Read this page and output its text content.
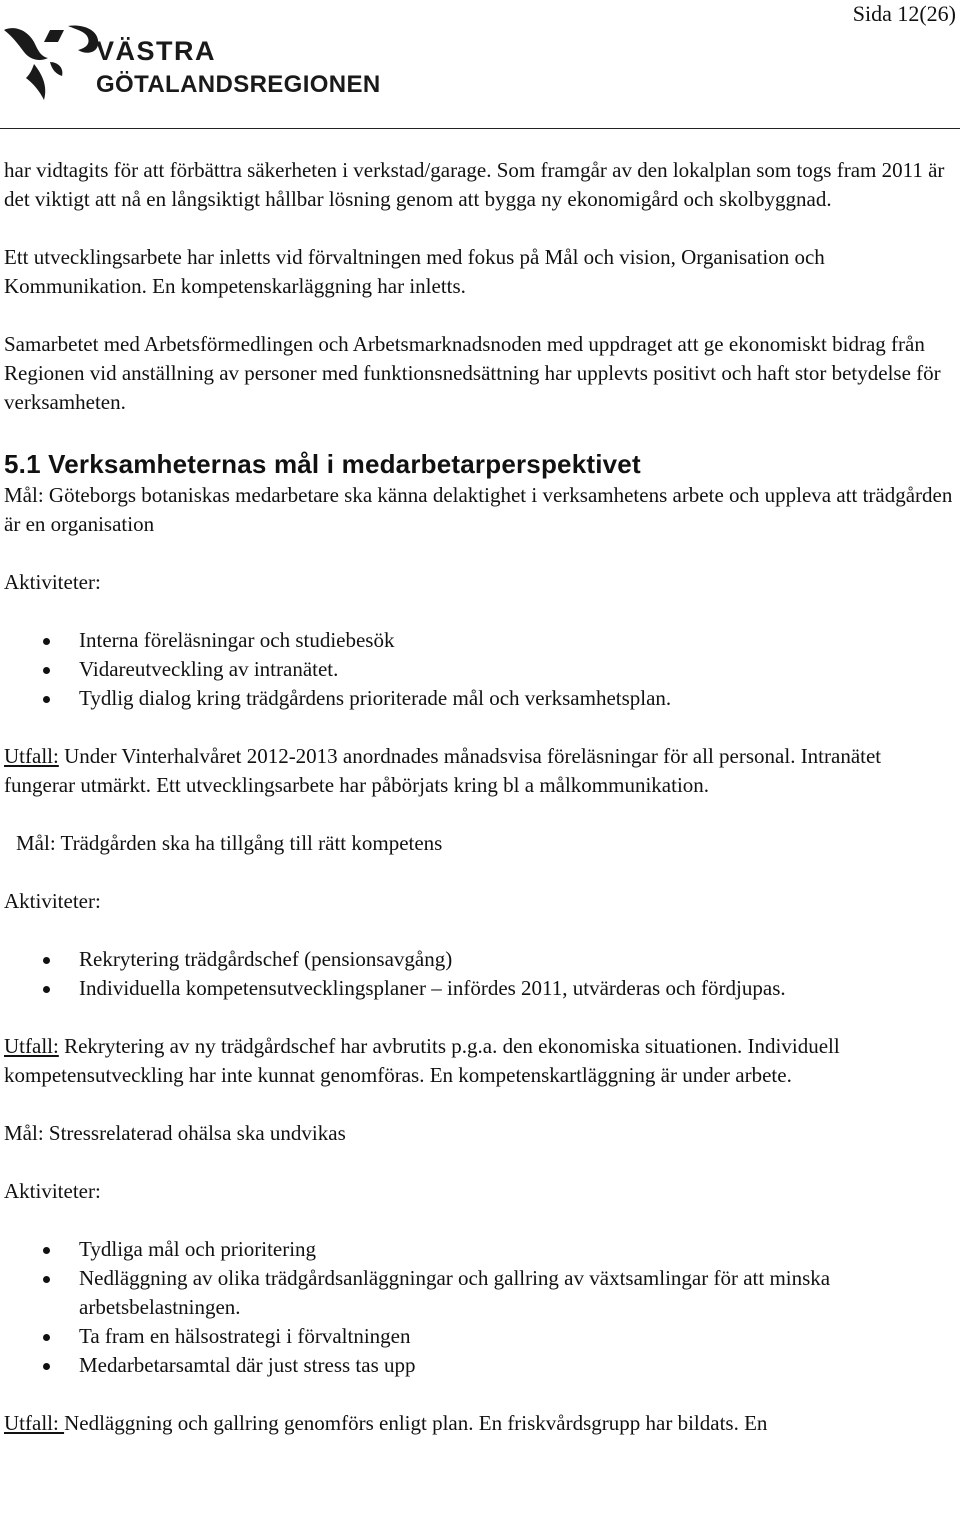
Sida 12(26)
VÄSTRA
GÖTALANDSREGIONEN

har vidtagits för att förbättra säkerheten i verkstad/garage. Som framgår av den lokalplan som togs fram 2011 är det viktigt att nå en långsiktigt hållbar lösning genom att bygga ny ekonomigård och skolbyggnad.

Ett utvecklingsarbete har inletts vid förvaltningen med fokus på Mål och vision, Organisation och Kommunikation. En kompetenskarläggning har inletts.

Samarbetet med Arbetsförmedlingen och Arbetsmarknadsnoden med uppdraget att ge ekonomiskt bidrag från Regionen vid anställning av personer med funktionsnedsättning har upplevts positivt och haft stor betydelse för verksamheten.

5.1 Verksamheternas mål i medarbetarperspektivet

Mål: Göteborgs botaniskas medarbetare ska känna delaktighet i verksamhetens arbete och uppleva att trädgården är en organisation

Aktiviteter:

Interna föreläsningar och studiebesök
Vidareutveckling av intranätet.
Tydlig dialog kring trädgårdens prioriterade mål och verksamhetsplan.

Utfall: Under Vinterhalvåret 2012-2013 anordnades månadsvisa föreläsningar för all personal. Intranätet fungerar utmärkt. Ett utvecklingsarbete har påbörjats kring bl a målkommunikation.

Mål: Trädgården ska ha tillgång till rätt kompetens

Aktiviteter:

Rekrytering trädgårdschef (pensionsavgång)
Individuella kompetensutvecklingsplaner – infördes 2011, utvärderas och fördjupas.

Utfall: Rekrytering av ny trädgårdschef har avbrutits p.g.a. den ekonomiska situationen. Individuell kompetensutveckling har inte kunnat genomföras. En kompetenskartläggning är under arbete.

Mål: Stressrelaterad ohälsa ska undvikas

Aktiviteter:

Tydliga mål och prioritering
Nedläggning av olika trädgårdsanläggningar och gallring av växtsamlingar för att minska arbetsbelastningen.
Ta fram en hälsostrategi i förvaltningen
Medarbetarsamtal där just stress tas upp

Utfall: Nedläggning och gallring genomförs enligt plan. En friskvårdsgrupp har bildats. En
